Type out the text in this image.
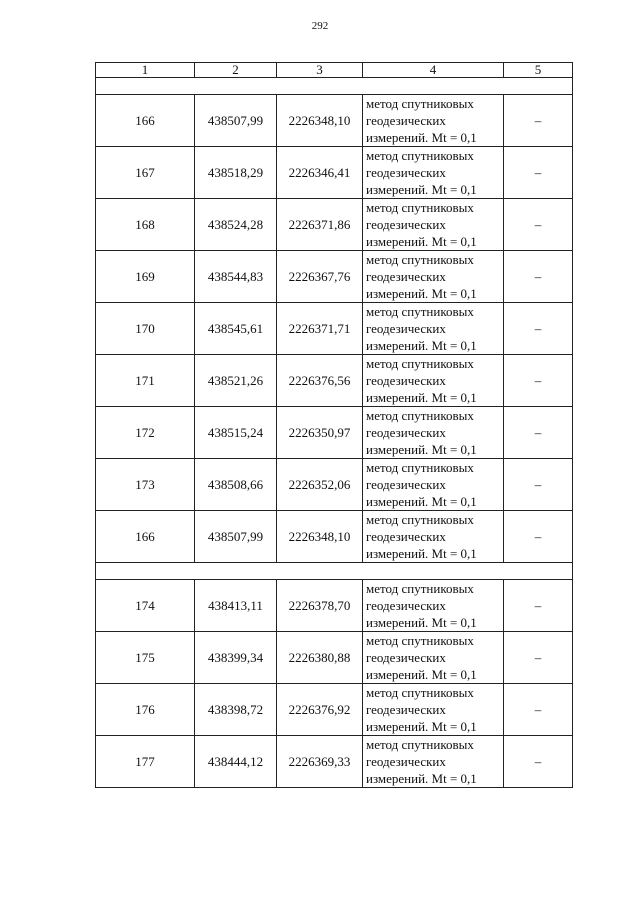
292
1	2	3	4	5

166	438507,99	2226348,10	метод спутниковых
геодезических
измерений. Mt = 0,1	–
167	438518,29	2226346,41	метод спутниковых
геодезических
измерений. Mt = 0,1	–
168	438524,28	2226371,86	метод спутниковых
геодезических
измерений. Mt = 0,1	–
169	438544,83	2226367,76	метод спутниковых
геодезических
измерений. Mt = 0,1	–
170	438545,61	2226371,71	метод спутниковых
геодезических
измерений. Mt = 0,1	–
171	438521,26	2226376,56	метод спутниковых
геодезических
измерений. Mt = 0,1	–
172	438515,24	2226350,97	метод спутниковых
геодезических
измерений. Mt = 0,1	–
173	438508,66	2226352,06	метод спутниковых
геодезических
измерений. Mt = 0,1	–
166	438507,99	2226348,10	метод спутниковых
геодезических
измерений. Mt = 0,1	–

174	438413,11	2226378,70	метод спутниковых
геодезических
измерений. Mt = 0,1	–
175	438399,34	2226380,88	метод спутниковых
геодезических
измерений. Mt = 0,1	–
176	438398,72	2226376,92	метод спутниковых
геодезических
измерений. Mt = 0,1	–
177	438444,12	2226369,33	метод спутниковых
геодезических
измерений. Mt = 0,1	–
